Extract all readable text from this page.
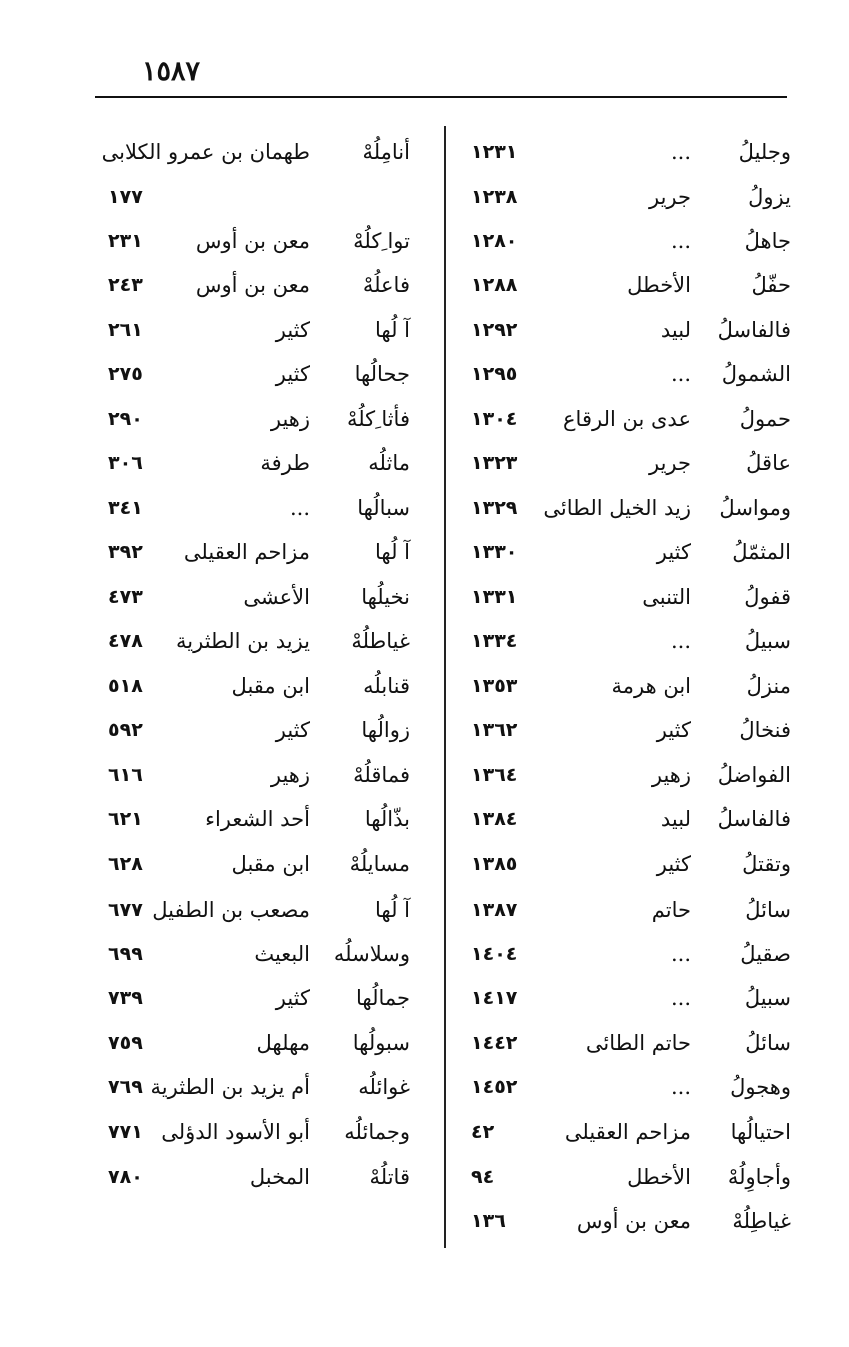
١٥٨٧
وجليلُ
...
١٢٣١
يزولُ
جرير
١٢٣٨
جاهلُ
...
١٢٨٠
حفّلُ
الأخطل
١٢٨٨
فالفاسلُ
لبيد
١٢٩٢
الشمولُ
...
١٢٩٥
حمولُ
عدى بن الرقاع
١٣٠٤
عاقلُ
جرير
١٣٢٣
ومواسلُ
زيد الخيل الطائى
١٣٢٩
المثمّلُ
كثير
١٣٣٠
قفولُ
التنبى
١٣٣١
سبيلُ
...
١٣٣٤
منزلُ
ابن هرمة
١٣٥٣
فنخالُ
كثير
١٣٦٢
الفواضلُ
زهير
١٣٦٤
فالفاسلُ
لبيد
١٣٨٤
وتقتلُ
كثير
١٣٨٥
سائلُ
حاتم
١٣٨٧
صقيلُ
...
١٤٠٤
سبيلُ
...
١٤١٧
سائلُ
حاتم الطائى
١٤٤٢
وهجولُ
...
١٤٥٢
احتيالُها
مزاحم العقيلى
٤٢
وأجاوِلُهْ
الأخطل
٩٤
غياطِلُهْ
معن بن أوس
١٣٦
أنامِلُهْ
طهمان بن عمرو الكلابى
١٧٧
توا ِكلُهْ
معن بن أوس
٢٣١
فاعلُهْ
معن بن أوس
٢٤٣
آ لُها
كثير
٢٦١
جحالُها
كثير
٢٧٥
فأثا ِكلُهْ
زهير
٢٩٠
ماثلُه
طرفة
٣٠٦
سبالُها
...
٣٤١
آ لُها
مزاحم العقيلى
٣٩٢
نخيلُها
الأعشى
٤٧٣
غياطلُهْ
يزيد بن الطثرية
٤٧٨
قنابلُه
ابن مقبل
٥١٨
زوالُها
كثير
٥٩٢
فماقلُهْ
زهير
٦١٦
بذّالُها
أحد الشعراء
٦٢١
مسايلُهْ
ابن مقبل
٦٢٨
آ لُها
مصعب بن الطفيل
٦٧٧
وسلاسلُه
البعيث
٦٩٩
جمالُها
كثير
٧٣٩
سبولُها
مهلهل
٧٥٩
غوائلُه
أم يزيد بن الطثرية
٧٦٩
وجمائلُه
أبو الأسود الدؤلى
٧٧١
قاتلُهْ
المخبل
٧٨٠
